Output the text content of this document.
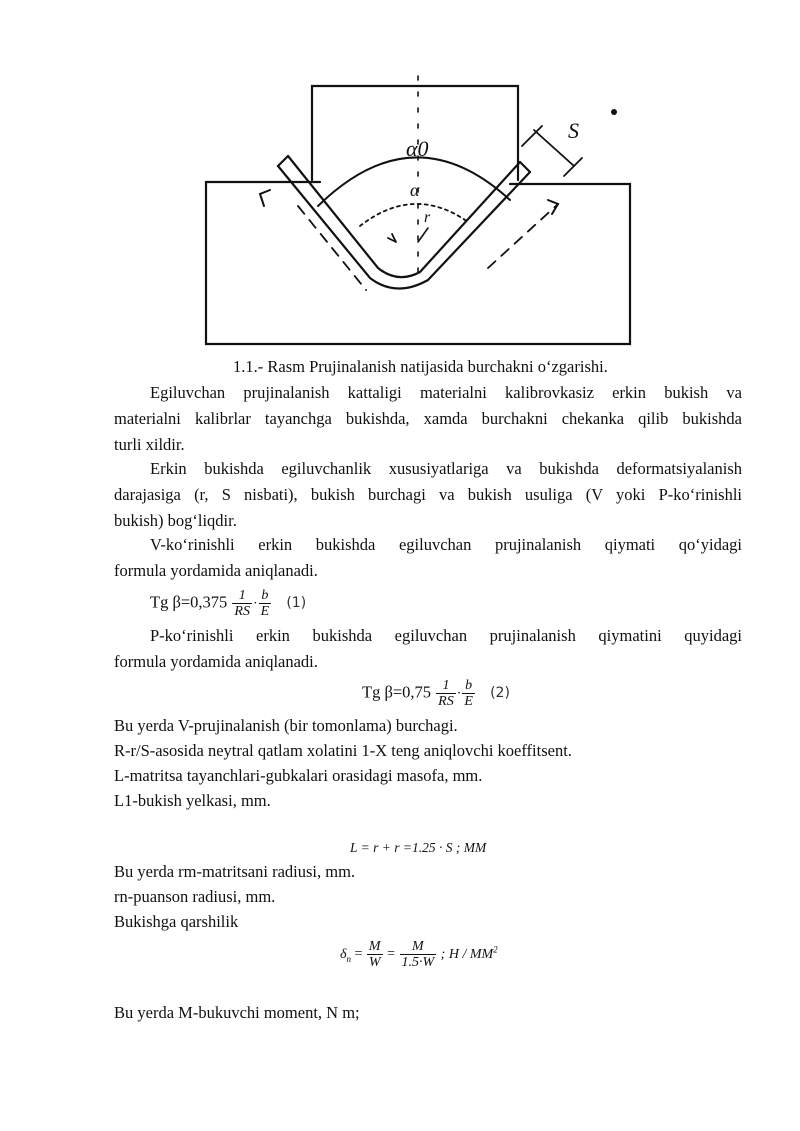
S
α0
α
r
1.1.- Rasm Prujinalanish natijasida burchakni o‘zgarishi.
Egiluvchan prujinalanish kattaligi materialni kalibrovkasiz erkin bukish va
materialni kalibrlar tayanchga bukishda, xamda burchakni chekanka qilib bukishda
turli xildir.
Erkin bukishda egiluvchanlik xususiyatlariga va bukishda deformatsiyalanish
darajasiga (r, S nisbati), bukish burchagi va bukish usuliga (V yoki P-ko‘rinishli
bukish) bog‘liqdir.
V-ko‘rinishli erkin bukishda egiluvchan prujinalanish qiymati qo‘yidagi
formula yordamida aniqlanadi.
Tg $\beta=0,375 \frac{1}{RS} \cdot \frac{b}{E} (1)$
P-ko‘rinishli erkin bukishda egiluvchan prujinalanish qiymatini quyidagi
formula yordamida aniqlanadi.
Tg $\beta=0,75 \frac{1}{RS} \cdot \frac{b}{E} (2)$
Bu yerda V-prujinalanish (bir tomonlama) burchagi.
R-r/S-asosida neytral qatlam xolatini 1-X teng aniqlovchi koeffitsent.
L-matritsa tayanchlari-gubkalari orasidagi masofa, mm.
L1-bukish yelkasi, mm.
L = r + r =1.25 · S ; MM
Bu yerda rm-matritsani radiusi, mm.
rn-puanson radiusi, mm.
Bukishga qarshilik
$\delta_п = \frac{M}{W} = \frac{M}{1.5\cdot W}$ ; H / $MM^2$
Bu yerda M-bukuvchi moment, N m;
